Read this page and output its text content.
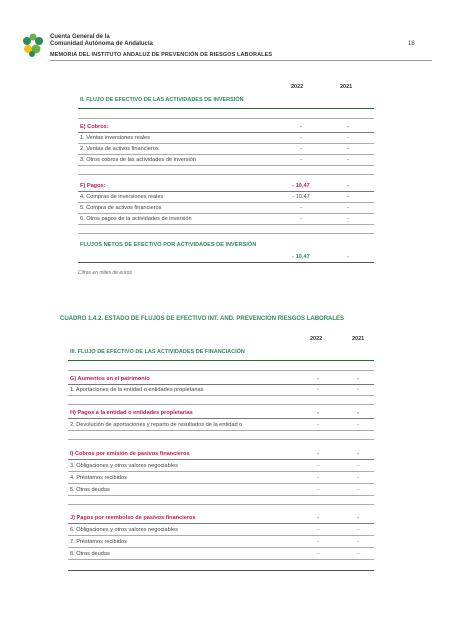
Cuenta General de la
Comunidad Autónoma de Andalucía
MEMORIA DEL INSTITUTO ANDALUZ DE PREVENCIÓN DE RIESGOS LABORALES
18
2022	2021
II. FLUJO DE EFECTIVO DE LAS ACTIVIDADES DE INVERSIÓN
E) Cobros:	-	-
1. Ventas inversiones reales	-	-
2. Ventas de activos financieros	-	-
3. Otros cobros de las actividades de inversión	-	-
F) Pagos:	- 10,47	-
4. Compras de inversiones reales	- 10,47	-
5. Compra de activos financieros	-	-
6. Otros pagos de la actividades de inversión	-	-
FLUJOS NETOS DE EFECTIVO POR ACTIVIDADES DE INVERSIÓN
- 10,47	-
Cifras en miles de euros
CUADRO 1.4.2. ESTADO DE FLUJOS DE EFECTIVO INT. AND. PREVENCIÓN RIESGOS LABORALES
2022	2021
III. FLUJO DE EFECTIVO DE LAS ACTIVIDADES DE FINANCIACIÓN
G) Aumentos en el patrimonio	-	-
1. Aportaciones de la entidad o entidades propietarias	-	-
H) Pagos a la entidad o entidades propietarias	-	-
2. Devolución de aportaciones y reparto de resultados de la entidad o	-	-
I) Cobros por emisión de pasivos financieros	-	-
3. Obligaciones y otros valores negociables	-	-
4. Préstamos recibidos	-	-
5. Otras deudas	-	-
J) Pagos por reembolso de pasivos financieros	-	-
6. Obligaciones y otros valores negociables	-	-
7. Préstamos recibidos	-	-
8. Otras deudas	-	-
